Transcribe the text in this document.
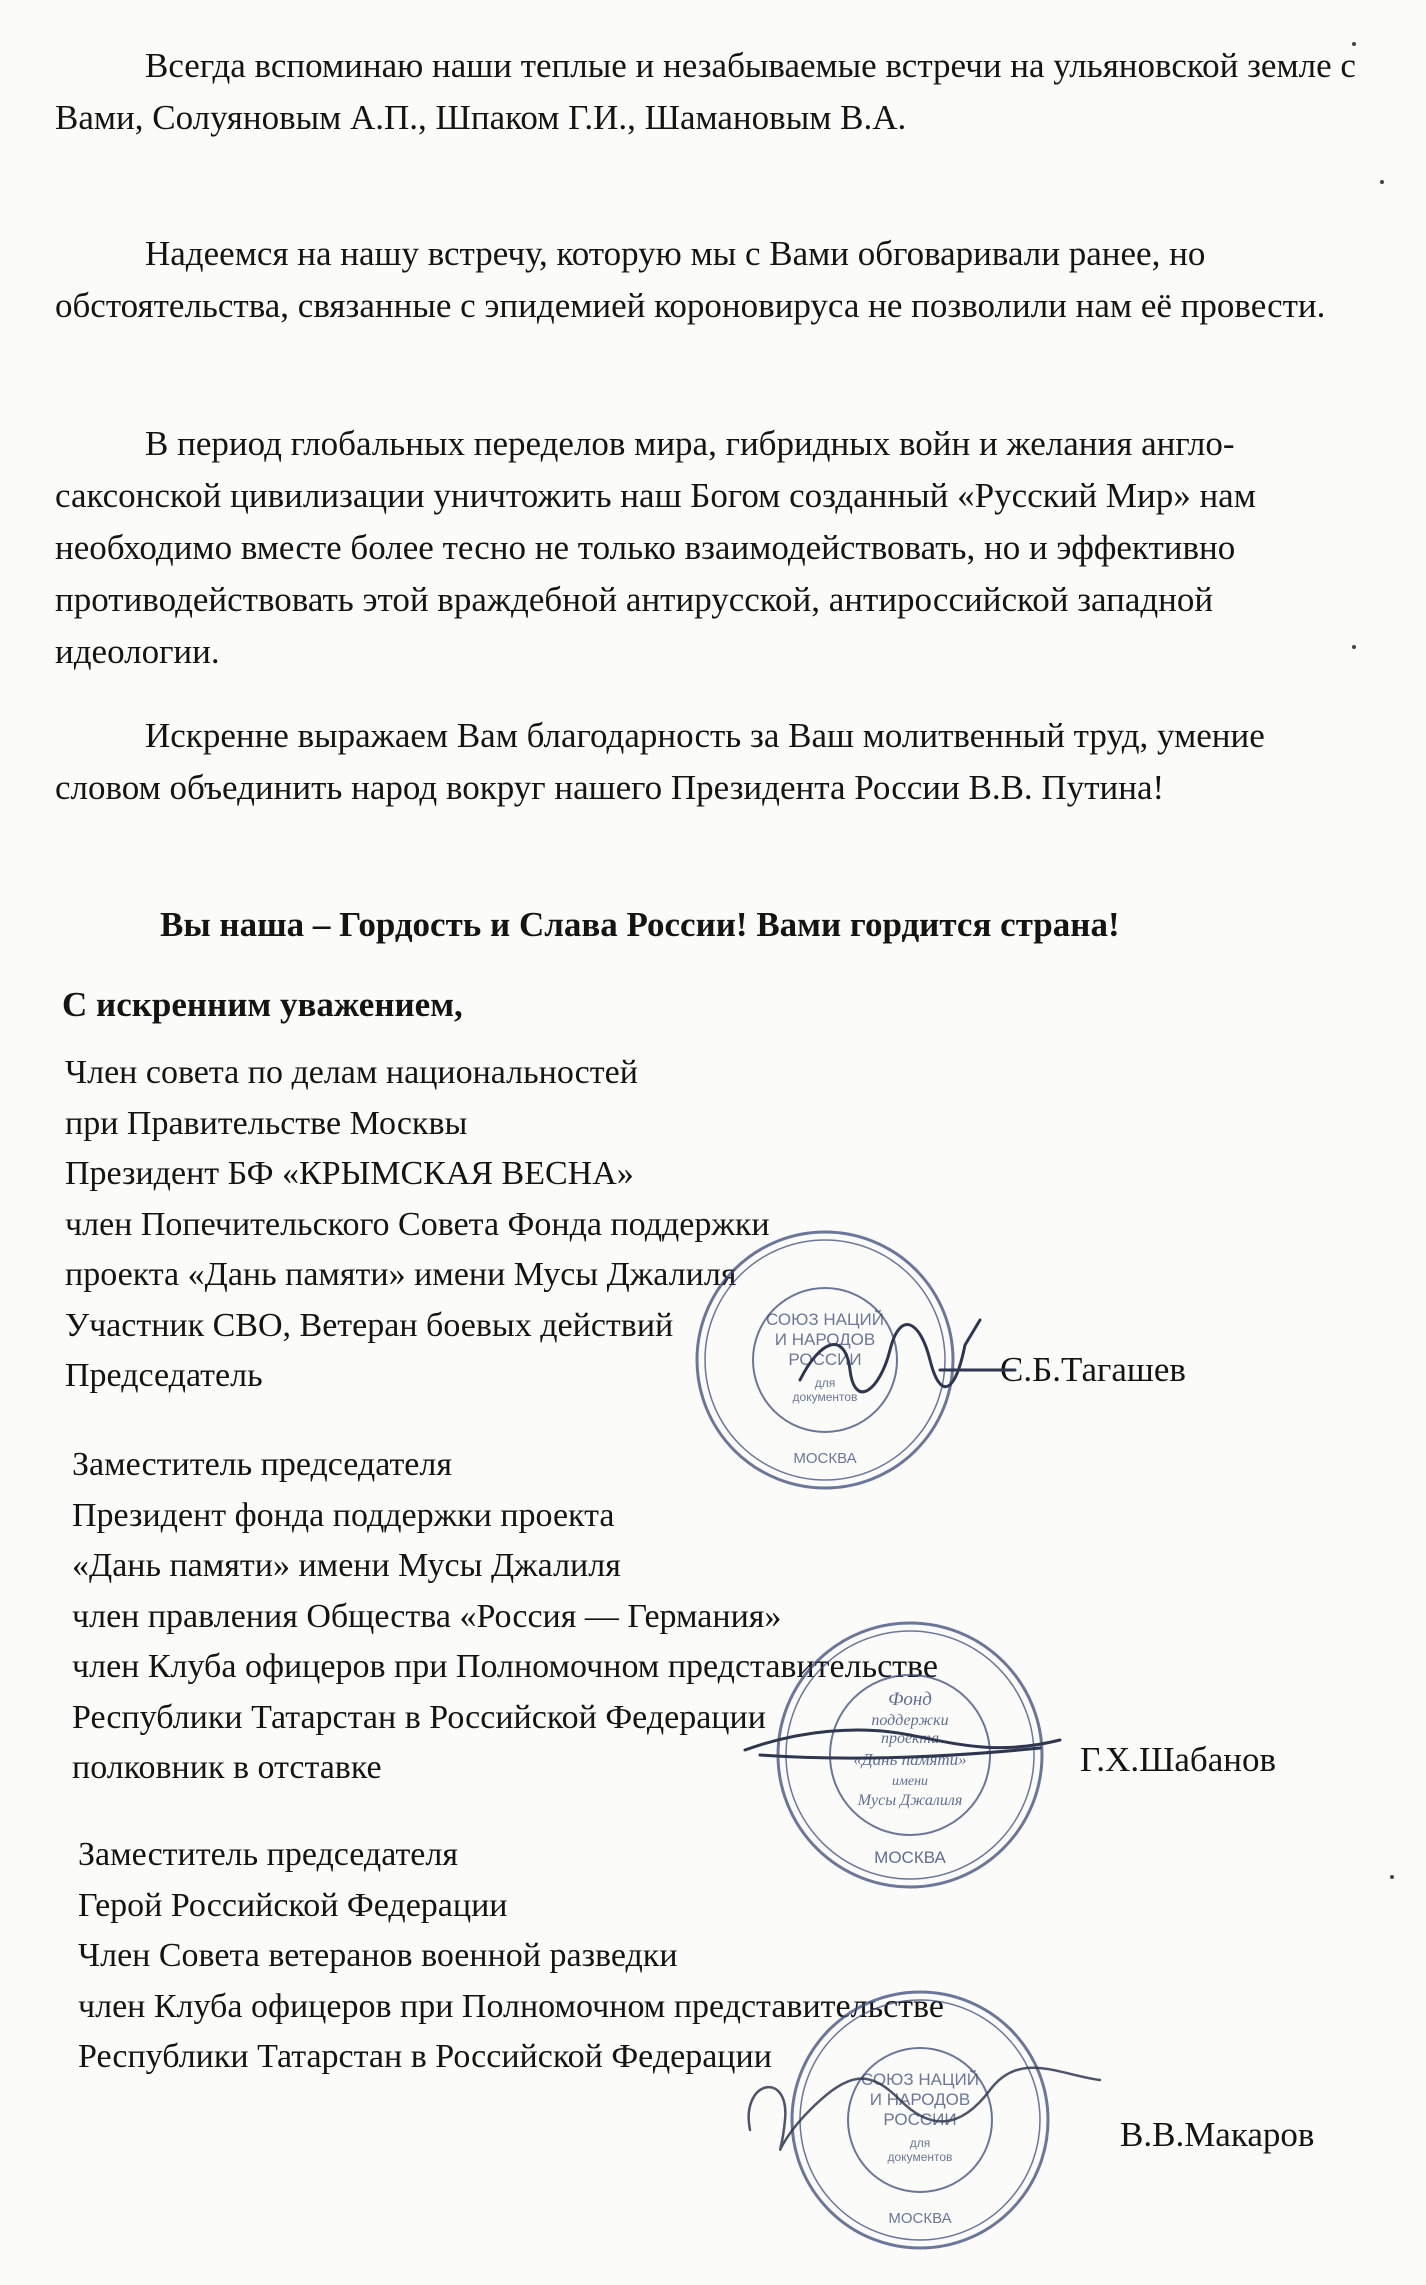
Всегда вспоминаю наши теплые и незабываемые встречи на ульяновской земле с Вами, Солуяновым А.П., Шпаком Г.И., Шамановым В.А.

Надеемся на нашу встречу, которую мы с Вами обговаривали ранее, но обстоятельства, связанные с эпидемией короновируса не позволили нам её провести.

В период глобальных переделов мира, гибридных войн и желания англо-саксонской цивилизации уничтожить наш Богом созданный «Русский Мир» нам необходимо вместе более тесно не только взаимодействовать, но и эффективно противодействовать этой враждебной антирусской, антироссийской западной идеологии.

Искренне выражаем Вам благодарность за Ваш молитвенный труд, умение словом объединить народ вокруг нашего Президента России В.В. Путина!

Вы наша – Гордость и Слава России! Вами гордится страна!
С искренним уважением,
Член совета по делам национальностей
при Правительстве Москвы
Президент БФ «КРЫМСКАЯ ВЕСНА»
член Попечительского Совета Фонда поддержки
проекта «Дань памяти» имени Мусы Джалиля
Участник СВО, Ветеран боевых действий
Председатель	С.Б.Тагашев
СОЮЗ НАЦИЙ
И НАРОДОВ
РОССИИ
для
документов
МОСКВА
Заместитель председателя
Президент фонда поддержки проекта
«Дань памяти» имени Мусы Джалиля
член правления Общества «Россия — Германия»
член Клуба офицеров при Полномочном представительстве
Республики Татарстан в Российской Федерации
полковник в отставке	Г.Х.Шабанов
Фонд
поддержки
проекта
«Дань памяти»
имени
Мусы Джалиля
МОСКВА
Заместитель председателя
Герой Российской Федерации
Член Совета ветеранов военной разведки
член Клуба офицеров при Полномочном представительстве
Республики Татарстан в Российской Федерации
В.В.Макаров
СОЮЗ НАЦИЙ
И НАРОДОВ
РОССИИ
для
документов
МОСКВА
